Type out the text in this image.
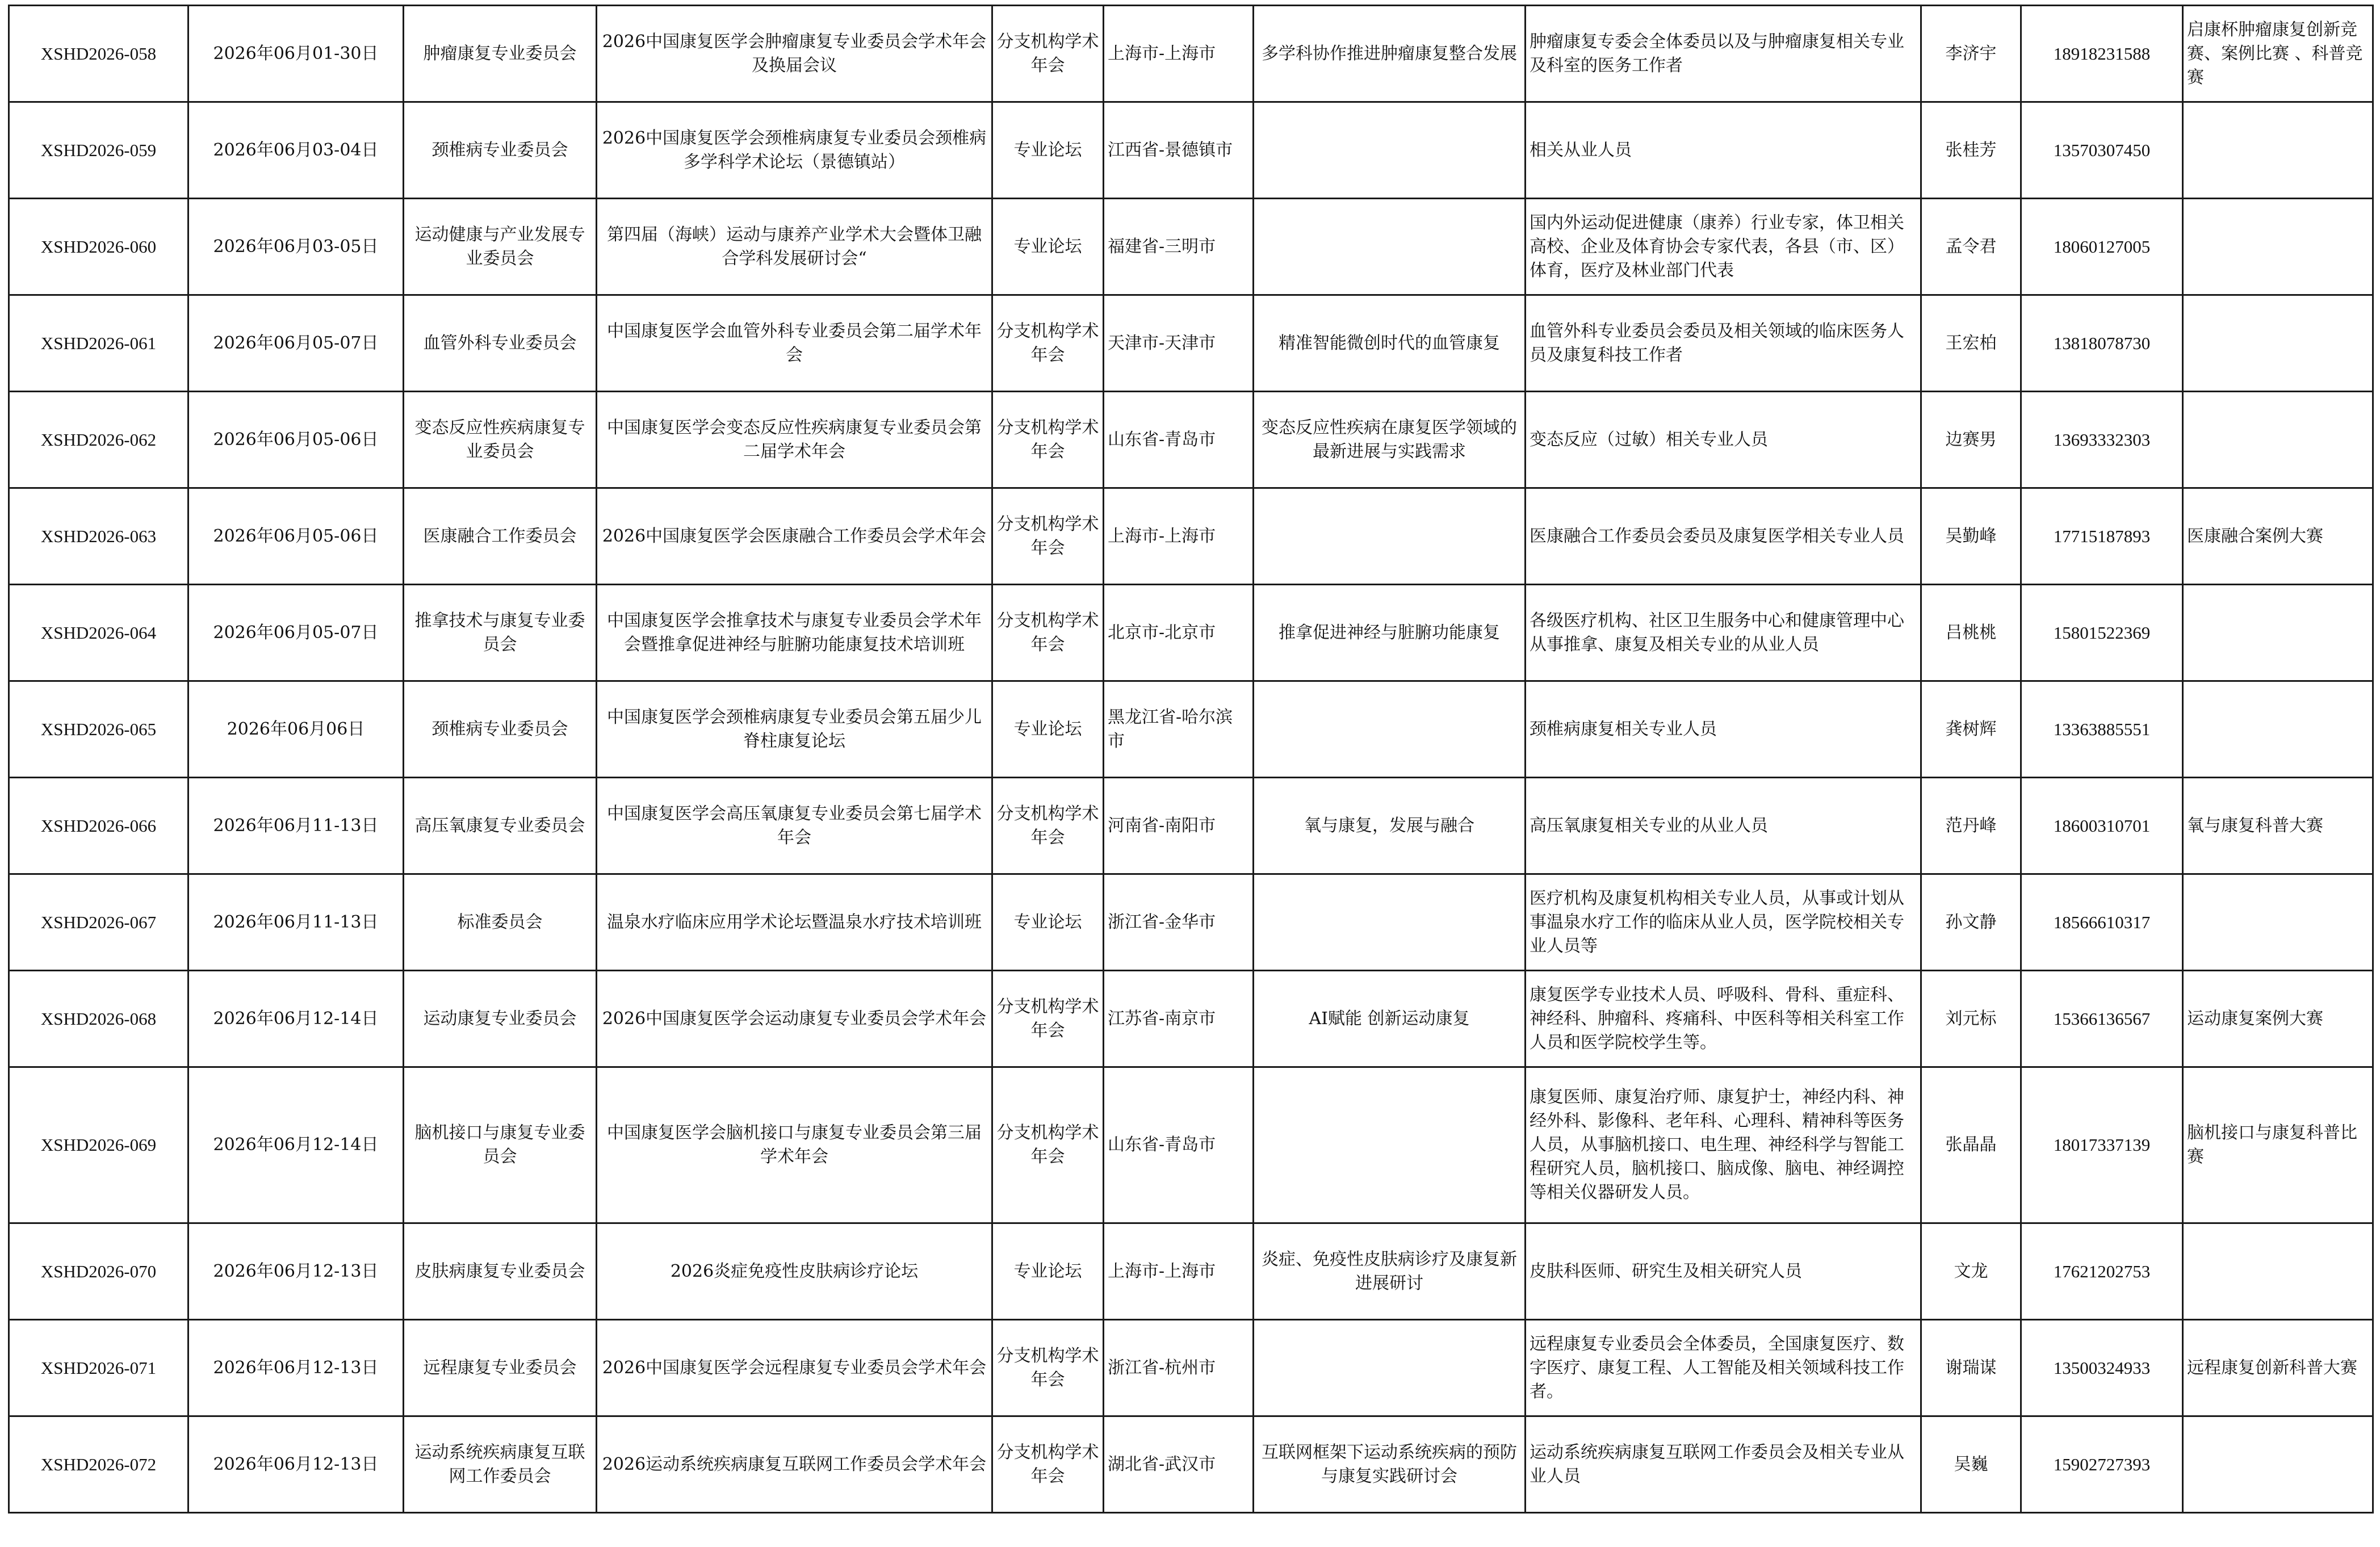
XSHD2026-058	2026年06月01-30日	肿瘤康复专业委员会	2026中国康复医学会肿瘤康复专业委员会学术年会及换届会议	分支机构学术年会	上海市-上海市	多学科协作推进肿瘤康复整合发展	肿瘤康复专委会全体委员以及与肿瘤康复相关专业及科室的医务工作者	李济宇	18918231588	启康杯肿瘤康复创新竞赛、案例比赛 、科普竞赛
XSHD2026-059	2026年06月03-04日	颈椎病专业委员会	2026中国康复医学会颈椎病康复专业委员会颈椎病多学科学术论坛（景德镇站）	专业论坛	江西省-景德镇市		相关从业人员	张桂芳	13570307450	
XSHD2026-060	2026年06月03-05日	运动健康与产业发展专业委员会	第四届（海峡）运动与康养产业学术大会暨体卫融合学科发展研讨会“	专业论坛	福建省-三明市		国内外运动促进健康（康养）行业专家，体卫相关高校、企业及体育协会专家代表，各县（市、区）体育，医疗及林业部门代表	孟令君	18060127005	
XSHD2026-061	2026年06月05-07日	血管外科专业委员会	中国康复医学会血管外科专业委员会第二届学术年会	分支机构学术年会	天津市-天津市	精准智能微创时代的血管康复	血管外科专业委员会委员及相关领域的临床医务人员及康复科技工作者	王宏柏	13818078730	
XSHD2026-062	2026年06月05-06日	变态反应性疾病康复专业委员会	中国康复医学会变态反应性疾病康复专业委员会第二届学术年会	分支机构学术年会	山东省-青岛市	变态反应性疾病在康复医学领域的最新进展与实践需求	变态反应（过敏）相关专业人员	边赛男	13693332303	
XSHD2026-063	2026年06月05-06日	医康融合工作委员会	2026中国康复医学会医康融合工作委员会学术年会	分支机构学术年会	上海市-上海市		医康融合工作委员会委员及康复医学相关专业人员	吴勤峰	17715187893	医康融合案例大赛
XSHD2026-064	2026年06月05-07日	推拿技术与康复专业委员会	中国康复医学会推拿技术与康复专业委员会学术年会暨推拿促进神经与脏腑功能康复技术培训班	分支机构学术年会	北京市-北京市	推拿促进神经与脏腑功能康复	各级医疗机构、社区卫生服务中心和健康管理中心从事推拿、康复及相关专业的从业人员	吕桃桃	15801522369	
XSHD2026-065	2026年06月06日	颈椎病专业委员会	中国康复医学会颈椎病康复专业委员会第五届少儿脊柱康复论坛	专业论坛	黑龙江省-哈尔滨市		颈椎病康复相关专业人员	龚树辉	13363885551	
XSHD2026-066	2026年06月11-13日	高压氧康复专业委员会	中国康复医学会高压氧康复专业委员会第七届学术年会	分支机构学术年会	河南省-南阳市	氧与康复，发展与融合	高压氧康复相关专业的从业人员	范丹峰	18600310701	氧与康复科普大赛
XSHD2026-067	2026年06月11-13日	标准委员会	温泉水疗临床应用学术论坛暨温泉水疗技术培训班	专业论坛	浙江省-金华市		医疗机构及康复机构相关专业人员，从事或计划从事温泉水疗工作的临床从业人员，医学院校相关专业人员等	孙文静	18566610317	
XSHD2026-068	2026年06月12-14日	运动康复专业委员会	2026中国康复医学会运动康复专业委员会学术年会	分支机构学术年会	江苏省-南京市	AI赋能 创新运动康复	康复医学专业技术人员、呼吸科、骨科、重症科、神经科、肿瘤科、疼痛科、中医科等相关科室工作人员和医学院校学生等。	刘元标	15366136567	运动康复案例大赛
XSHD2026-069	2026年06月12-14日	脑机接口与康复专业委员会	中国康复医学会脑机接口与康复专业委员会第三届学术年会	分支机构学术年会	山东省-青岛市		康复医师、康复治疗师、康复护士，神经内科、神经外科、影像科、老年科、心理科、精神科等医务人员，从事脑机接口、电生理、神经科学与智能工程研究人员，脑机接口、脑成像、脑电、神经调控等相关仪器研发人员。	张晶晶	18017337139	脑机接口与康复科普比赛
XSHD2026-070	2026年06月12-13日	皮肤病康复专业委员会	2026炎症免疫性皮肤病诊疗论坛	专业论坛	上海市-上海市	炎症、免疫性皮肤病诊疗及康复新进展研讨	皮肤科医师、研究生及相关研究人员	文龙	17621202753	
XSHD2026-071	2026年06月12-13日	远程康复专业委员会	2026中国康复医学会远程康复专业委员会学术年会	分支机构学术年会	浙江省-杭州市		远程康复专业委员会全体委员，全国康复医疗、数字医疗、康复工程、人工智能及相关领域科技工作者。	谢瑞谋	13500324933	远程康复创新科普大赛
XSHD2026-072	2026年06月12-13日	运动系统疾病康复互联网工作委员会	2026运动系统疾病康复互联网工作委员会学术年会	分支机构学术年会	湖北省-武汉市	互联网框架下运动系统疾病的预防与康复实践研讨会	运动系统疾病康复互联网工作委员会及相关专业从业人员	吴巍	15902727393	
